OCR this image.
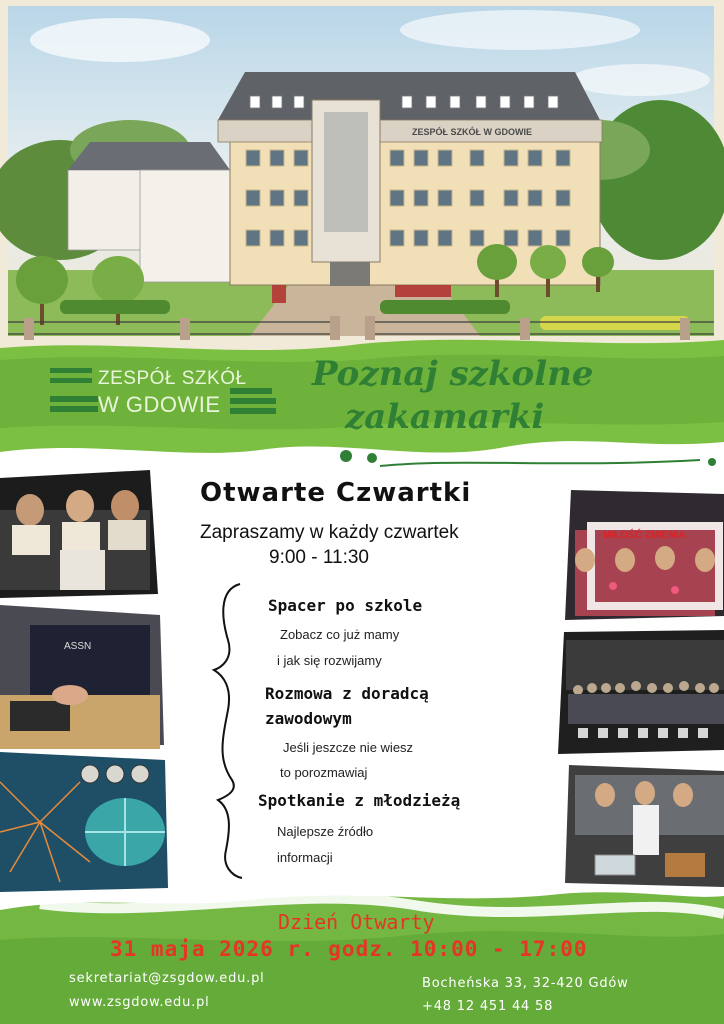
ZESPÓŁ SZKÓŁ W GDOWIE
ZESPÓŁ SZKÓŁ
W GDOWIE
Poznaj szkolne
zakamarki
Otwarte Czwartki
Zapraszamy w każdy czwartek
9:00 - 11:30
Spacer po szkole
Zobacz co już mamy
i jak się rozwijamy
Rozmowa z doradcą
zawodowym
Jeśli jeszcze nie wiesz
to porozmawiaj
Spotkanie z młodzieżą
Najlepsze źródło
informacji
ASSN
MIŁOŚĆ ZMIENIA
Dzień Otwarty
31 maja 2026 r. godz. 10:00 - 17:00
sekretariat@zsgdow.edu.pl
www.zsgdow.edu.pl
Bocheńska 33, 32-420 Gdów
+48 12 451 44 58
